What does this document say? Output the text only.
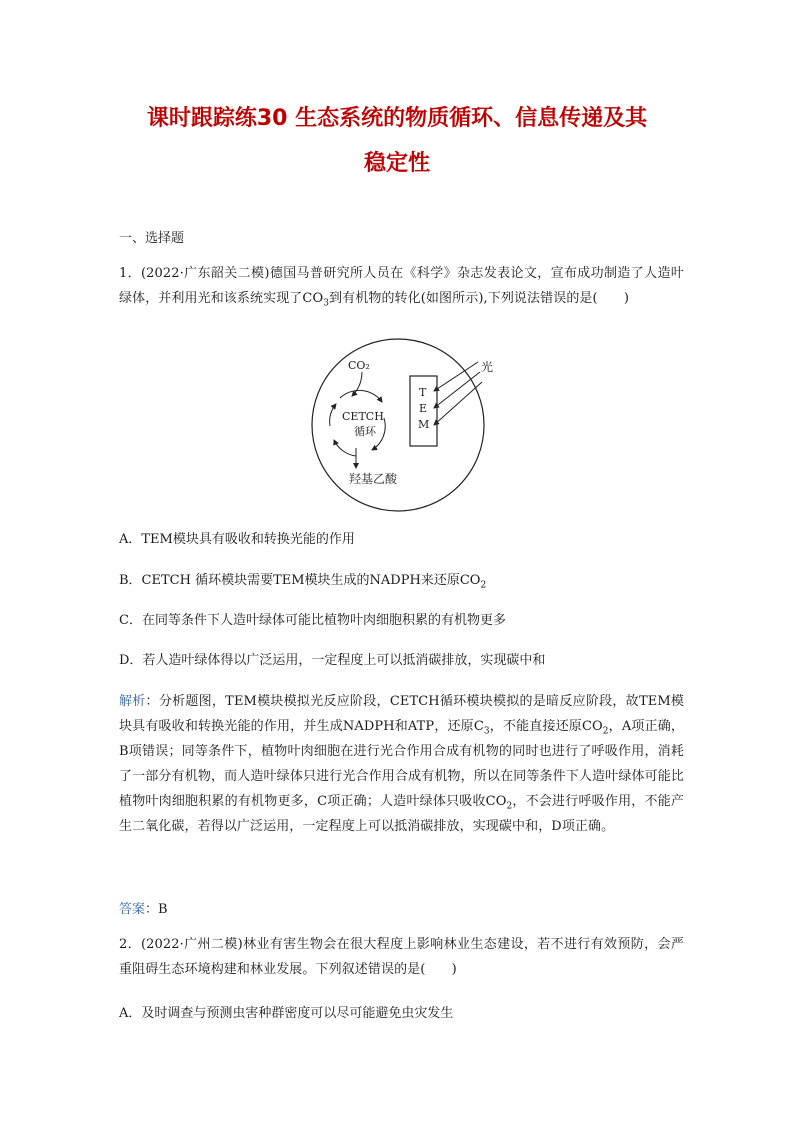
课时跟踪练30 生态系统的物质循环、信息传递及其
稳定性

一、选择题

1．(2022·广东韶关二模)德国马普研究所人员在《科学》杂志发表论文，宣布成功制造了人造叶绿体，并利用光和该系统实现了$CO_3$到有机物的转化(如图所示),下列说法错误的是(　　)

CO₂
CETCH
循环
羟基乙酸
T
E
M
光

A．TEM模块具有吸收和转换光能的作用

B．CETCH 循环模块需要TEM模块生成的NADPH来还原$CO_2$

C．在同等条件下人造叶绿体可能比植物叶肉细胞积累的有机物更多

D．若人造叶绿体得以广泛运用，一定程度上可以抵消碳排放，实现碳中和

解析：分析题图，TEM模块模拟光反应阶段，CETCH循环模块模拟的是暗反应阶段，故TEM模块具有吸收和转换光能的作用，并生成NADPH和ATP，还原$C_3$，不能直接还原$CO_2$，A项正确，B项错误；同等条件下，植物叶肉细胞在进行光合作用合成有机物的同时也进行了呼吸作用，消耗了一部分有机物，而人造叶绿体只进行光合作用合成有机物，所以在同等条件下人造叶绿体可能比植物叶肉细胞积累的有机物更多，C项正确；人造叶绿体只吸收$CO_2$，不会进行呼吸作用，不能产生二氧化碳，若得以广泛运用，一定程度上可以抵消碳排放，实现碳中和，D项正确。

答案：B

2．(2022·广州二模)林业有害生物会在很大程度上影响林业生态建设，若不进行有效预防，会严重阻碍生态环境构建和林业发展。下列叙述错误的是(　　)

A．及时调查与预测虫害种群密度可以尽可能避免虫灾发生
